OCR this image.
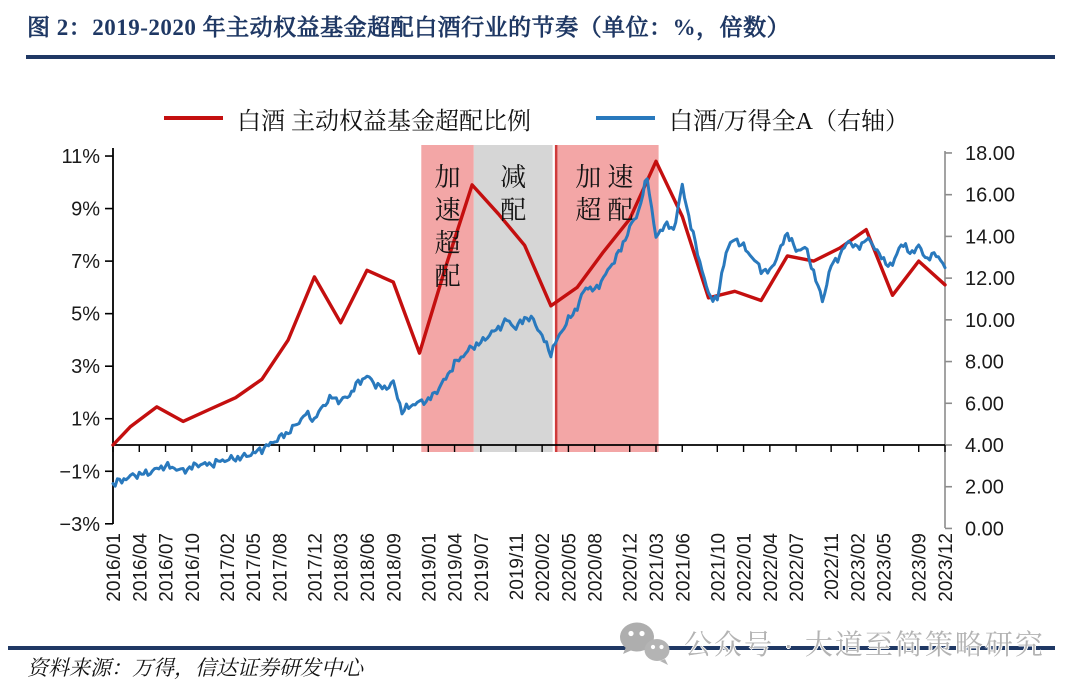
图 2：2019-2020 年主动权益基金超配白酒行业的节奏（单位：%，倍数）
白酒 主动权益基金超配比例	白酒/万得全A（右轴）
11%
9%
7%
5%
3%
1%
−1%
−3%
18.00
16.00
14.00
12.00
10.00
8.00
6.00
4.00
2.00
0.00
2016/01 2016/04 2016/07 2016/10 2017/02 2017/05 2017/08 2017/12 2018/03 2018/06 2018/09 2019/01 2019/04 2019/07 2019/11 2020/02 2020/05 2020/08 2020/12 2021/03 2021/06 2021/10 2022/01 2022/04 2022/07 2022/11 2023/02 2023/05 2023/09 2023/12
加
速
超
配
减
配
加速
超配
公众号 · 大道至简策略研究
资料来源：万得，信达证券研发中心
